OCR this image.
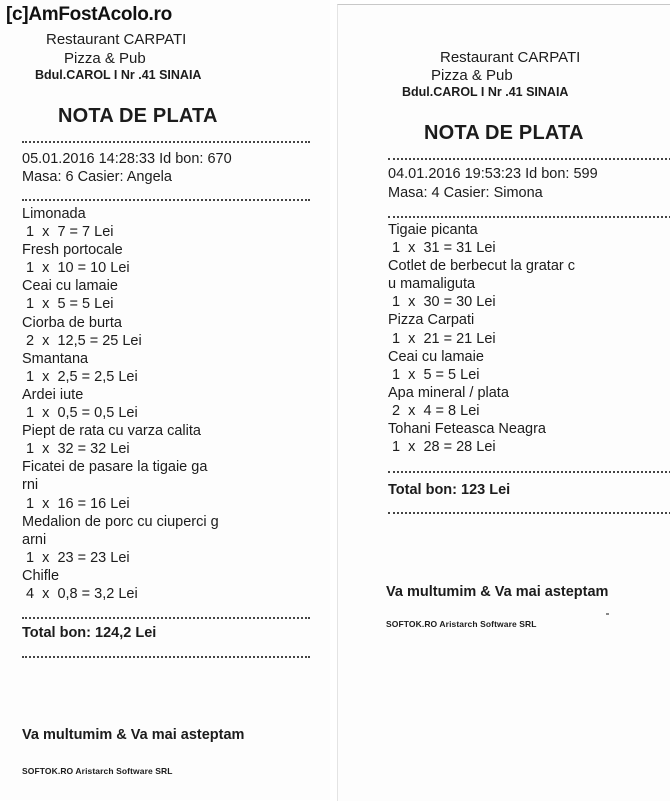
[c]AmFostAcolo.ro
Restaurant CARPATI
Pizza & Pub
Bdul.CAROL I Nr .41 SINAIA
NOTA DE PLATA
05.01.2016 14:28:33 Id bon: 670
Masa: 6 Casier: Angela
Limonada
1  x  7 = 7 Lei
Fresh portocale
1  x  10 = 10 Lei
Ceai cu lamaie
1  x  5 = 5 Lei
Ciorba de burta
2  x  12,5 = 25 Lei
Smantana
1  x  2,5 = 2,5 Lei
Ardei iute
1  x  0,5 = 0,5 Lei
Piept de rata cu varza calita
1  x  32 = 32 Lei
Ficatei de pasare la tigaie ga
rni
1  x  16 = 16 Lei
Medalion de porc cu ciuperci g
arni
1  x  23 = 23 Lei
Chifle
4  x  0,8 = 3,2 Lei
Total bon: 124,2 Lei
Va multumim & Va mai asteptam
SOFTOK.RO Aristarch Software SRL
Restaurant CARPATI
Pizza & Pub
Bdul.CAROL I Nr .41 SINAIA
NOTA DE PLATA
04.01.2016 19:53:23 Id bon: 599
Masa: 4 Casier: Simona
Tigaie picanta
1  x  31 = 31 Lei
Cotlet de berbecut la gratar c
u mamaliguta
1  x  30 = 30 Lei
Pizza Carpati
1  x  21 = 21 Lei
Ceai cu lamaie
1  x  5 = 5 Lei
Apa mineral / plata
2  x  4 = 8 Lei
Tohani Feteasca Neagra
1  x  28 = 28 Lei
Total bon: 123 Lei
Va multumim & Va mai asteptam
SOFTOK.RO Aristarch Software SRL
